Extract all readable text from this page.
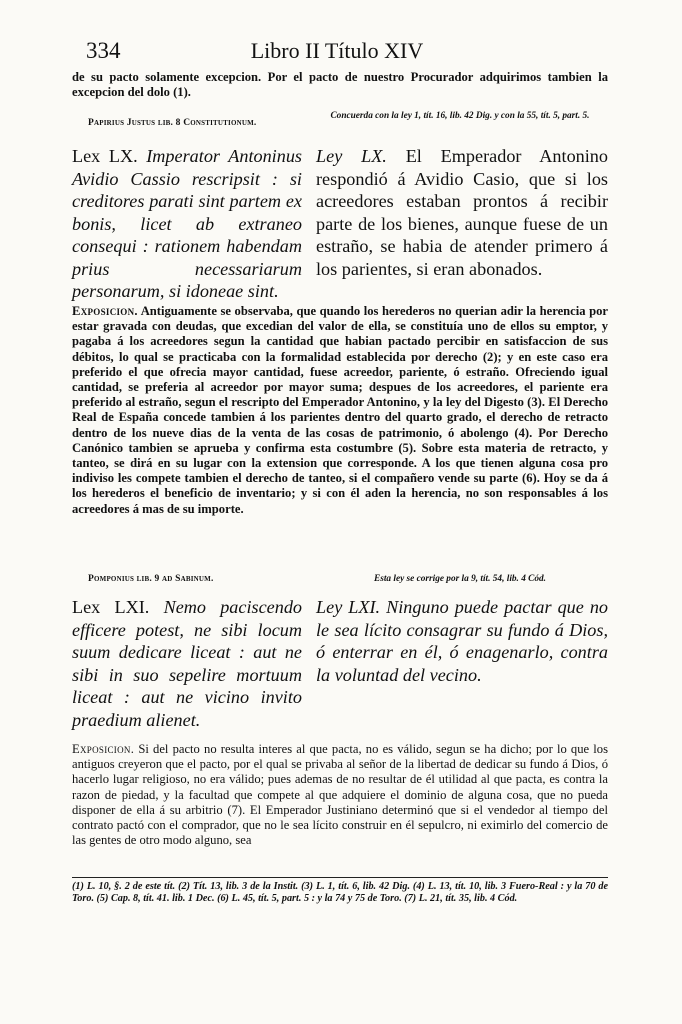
334	Libro II Título XIV
de su pacto solamente excepcion. Por el pacto de nuestro Procurador adquirimos tambien la excepcion del dolo (1).
Papirius Justus lib. 8 Constitutionum.
Concuerda con la ley 1, tít. 16, lib. 42 Dig. y con la 55, tít. 5, part. 5.
Lex LX. Imperator Antoninus Avidio Cassio rescripsit : si creditores parati sint partem ex bonis, licet ab extraneo consequi : rationem habendam prius necessariarum personarum, si idoneae sint.
Ley LX. El Emperador Antonino respondió á Avidio Casio, que si los acreedores estaban prontos á recibir parte de los bienes, aunque fuese de un estraño, se habia de atender primero á los parientes, si eran abonados.
Exposicion. Antiguamente se observaba, que quando los herederos no querian adir la herencia por estar gravada con deudas, que excedian del valor de ella, se constituía uno de ellos su emptor, y pagaba á los acreedores segun la cantidad que habian pactado percibir en satisfaccion de sus débitos, lo qual se practicaba con la formalidad establecida por derecho (2); y en este caso era preferido el que ofrecia mayor cantidad, fuese acreedor, pariente, ó estraño. Ofreciendo igual cantidad, se preferia al acreedor por mayor suma; despues de los acreedores, el pariente era preferido al estraño, segun el rescripto del Emperador Antonino, y la ley del Digesto (3). El Derecho Real de España concede tambien á los parientes dentro del quarto grado, el derecho de retracto dentro de los nueve dias de la venta de las cosas de patrimonio, ó abolengo (4). Por Derecho Canónico tambien se aprueba y confirma esta costumbre (5). Sobre esta materia de retracto, y tanteo, se dirá en su lugar con la extension que corresponde. A los que tienen alguna cosa pro indiviso les compete tambien el derecho de tanteo, si el compañero vende su parte (6). Hoy se da á los herederos el beneficio de inventario; y si con él aden la herencia, no son responsables á los acreedores á mas de su importe.
Pomponius lib. 9 ad Sabinum.	Esta ley se corrige por la 9, tít. 54, lib. 4 Cód.
Lex LXI. Nemo paciscendo efficere potest, ne sibi locum suum dedicare liceat : aut ne sibi in suo sepelire mortuum liceat : aut ne vicino invito praedium alienet.
Ley LXI. Ninguno puede pactar que no le sea lícito consagrar su fundo á Dios, ó enterrar en él, ó enagenarlo, contra la voluntad del vecino.
Exposicion. Si del pacto no resulta interes al que pacta, no es válido, segun se ha dicho; por lo que los antiguos creyeron que el pacto, por el qual se privaba al señor de la libertad de dedicar su fundo á Dios, ó hacerlo lugar religioso, no era válido; pues ademas de no resultar de él utilidad al que pacta, es contra la razon de piedad, y la facultad que compete al que adquiere el dominio de alguna cosa, que no pueda disponer de ella á su arbitrio (7). El Emperador Justiniano determinó que si el vendedor al tiempo del contrato pactó con el comprador, que no le sea lícito construir en él sepulcro, ni eximirlo del comercio de las gentes de otro modo alguno, sea
(1) L. 10, §. 2 de este tít. (2) Tít. 13, lib. 3 de la Instit. (3) L. 1, tít. 6, lib. 42 Dig. (4) L. 13, tít. 10, lib. 3 Fuero-Real : y la 70 de Toro. (5) Cap. 8, tít. 41. lib. 1 Dec. (6) L. 45, tít. 5, part. 5 : y la 74 y 75 de Toro. (7) L. 21, tít. 35, lib. 4 Cód.
